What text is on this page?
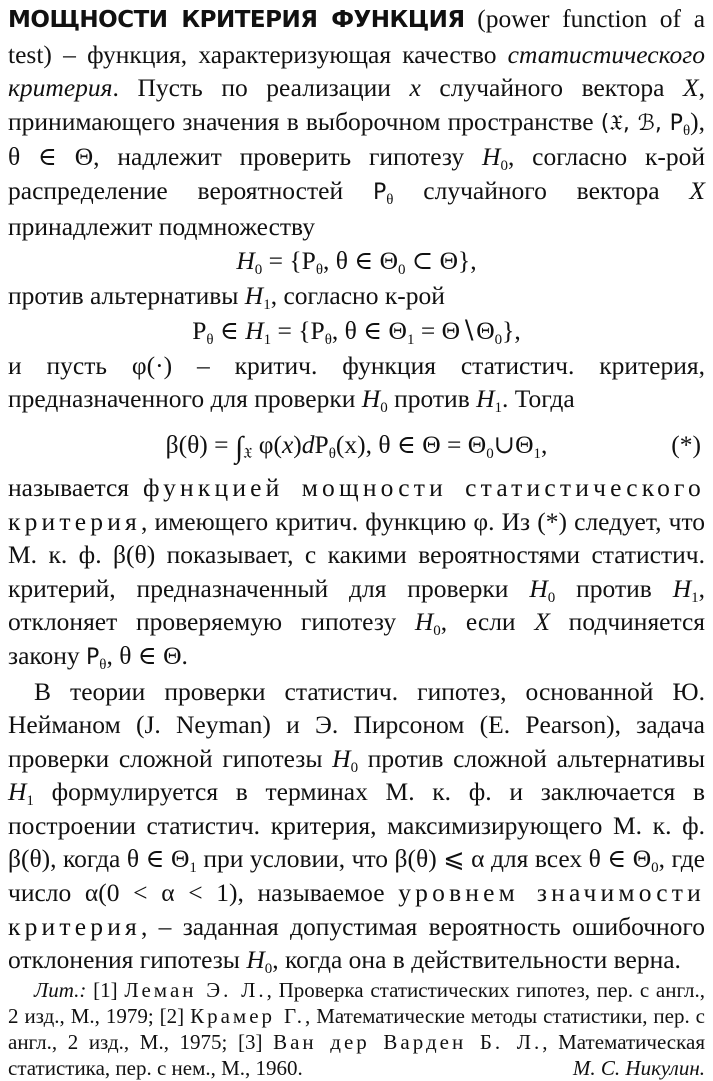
МОЩНОСТИ КРИТЕРИЯ ФУНКЦИЯ (power function of a test) – функция, характеризующая качество статистического критерия. Пусть по реализации x случайного вектора X, принимающего значения в выборочном пространстве (𝔛, ℬ, $P_\theta$), θ ∈ Θ, надлежит проверить гипотезу $H_0$, согласно к-рой распределение вероятностей $P_\theta$ случайного вектора X принадлежит подмножеству

$H_0 = \{P_\theta$, θ ∈ $\Theta_0$ ⊂ Θ},

против альтернативы $H_1$, согласно к-рой

$P_\theta$ ∈ $H_1 = \{P_\theta$, θ ∈ $\Theta_1$ = $\Theta∖\Theta_0$},

и пусть φ(·) – критич. функция статистич. критерия, предназначенного для проверки $H_0$ против $H_1$. Тогда

$\beta(\theta) = \int_𝔛$ $\varphi(x)dP_\theta(x)$, θ ∈ $\Theta = \Theta_0\cup\Theta_1$,	(*)

называется функцией мощности статистического критерия, имеющего критич. функцию φ. Из (*) следует, что М. к. ф. β(θ) показывает, с какими вероятностями статистич. критерий, предназначенный для проверки $H_0$ против $H_1$, отклоняет проверяемую гипотезу $H_0$, если X подчиняется закону $P_\theta$, θ ∈ Θ.

В теории проверки статистич. гипотез, основанной Ю. Нейманом (J. Neyman) и Э. Пирсоном (E. Pearson), задача проверки сложной гипотезы $H_0$ против сложной альтернативы $H_1$ формулируется в терминах М. к. ф. и заключается в построении статистич. критерия, максимизирующего М. к. ф. β(θ), когда θ ∈ $\Theta_1$ при условии, что β(θ) ⩽ α для всех θ ∈ $\Theta_0$, где число α(0 < α < 1), называемое уровнем значимости критерия, – заданная допустимая вероятность ошибочного отклонения гипотезы $H_0$, когда она в действительности верна.

Лит.: [1] Леман Э. Л., Проверка статистических гипотез, пер. с англ., 2 изд., М., 1979; [2] Крамер Г., Математические методы статистики, пер. с англ., 2 изд., М., 1975; [3] Ван дер Варден Б. Л., Математическая статистика, пер. с нем., М., 1960.	М. С. Никулин.
